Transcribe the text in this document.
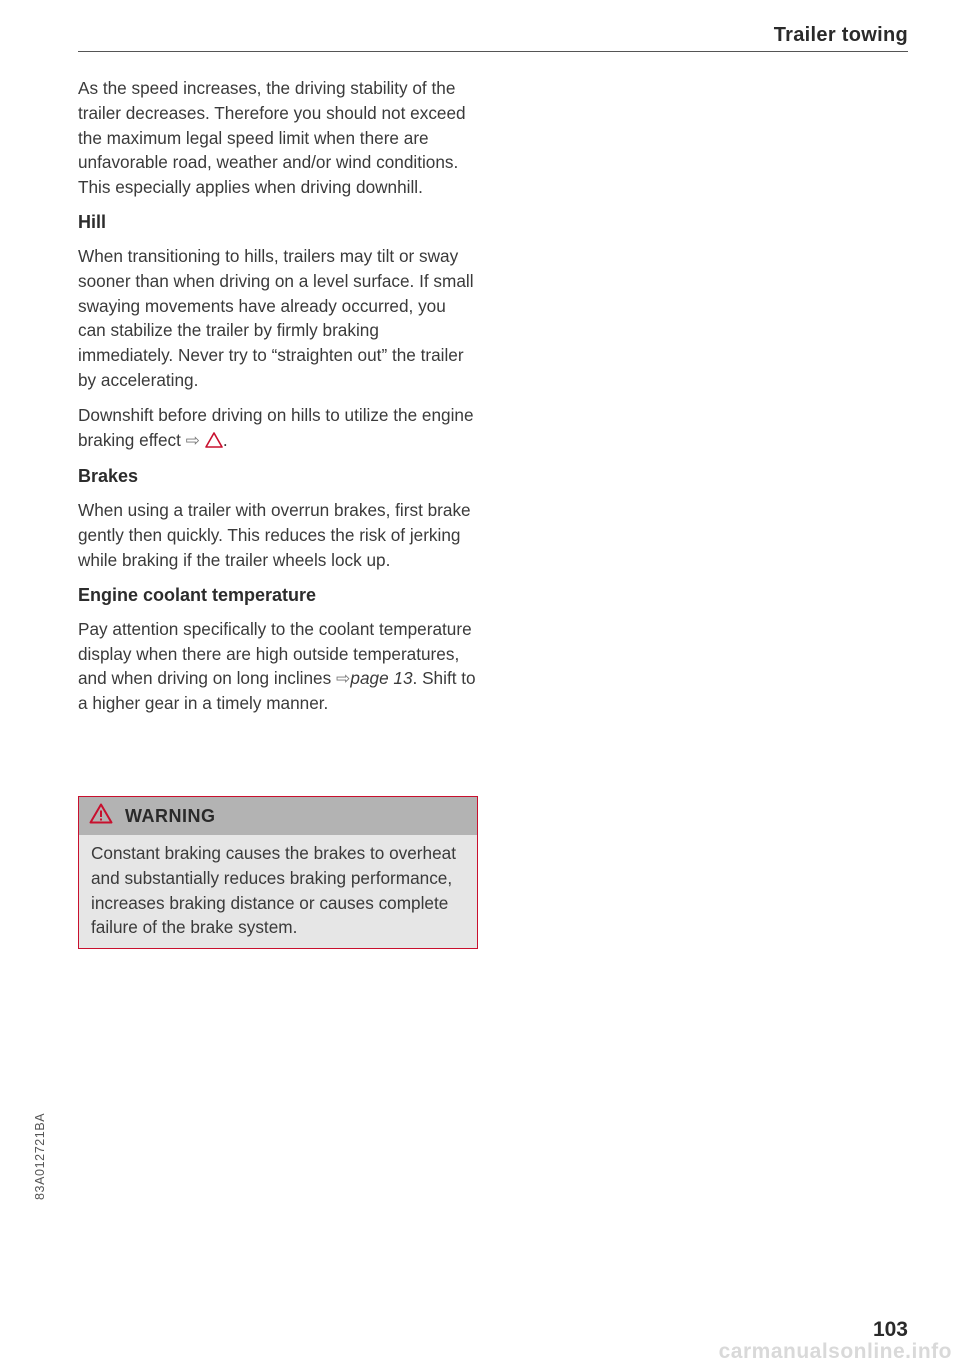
Trailer towing

As the speed increases, the driving stability of the trailer decreases. Therefore you should not exceed the maximum legal speed limit when there are unfavorable road, weather and/or wind conditions. This especially applies when driving downhill.

Hill

When transitioning to hills, trailers may tilt or sway sooner than when driving on a level surface. If small swaying movements have already occurred, you can stabilize the trailer by firmly braking immediately. Never try to “straighten out” the trailer by accelerating.

Downshift before driving on hills to utilize the engine braking effect ⇨ .

Brakes

When using a trailer with overrun brakes, first brake gently then quickly. This reduces the risk of jerking while braking if the trailer wheels lock up.

Engine coolant temperature

Pay attention specifically to the coolant temperature display when there are high outside temperatures, and when driving on long inclines ⇨page 13. Shift to a higher gear in a timely manner.

WARNING
Constant braking causes the brakes to overheat and substantially reduces braking performance, increases braking distance or causes complete failure of the brake system.
83A012721BA
103
carmanualsonline.info
